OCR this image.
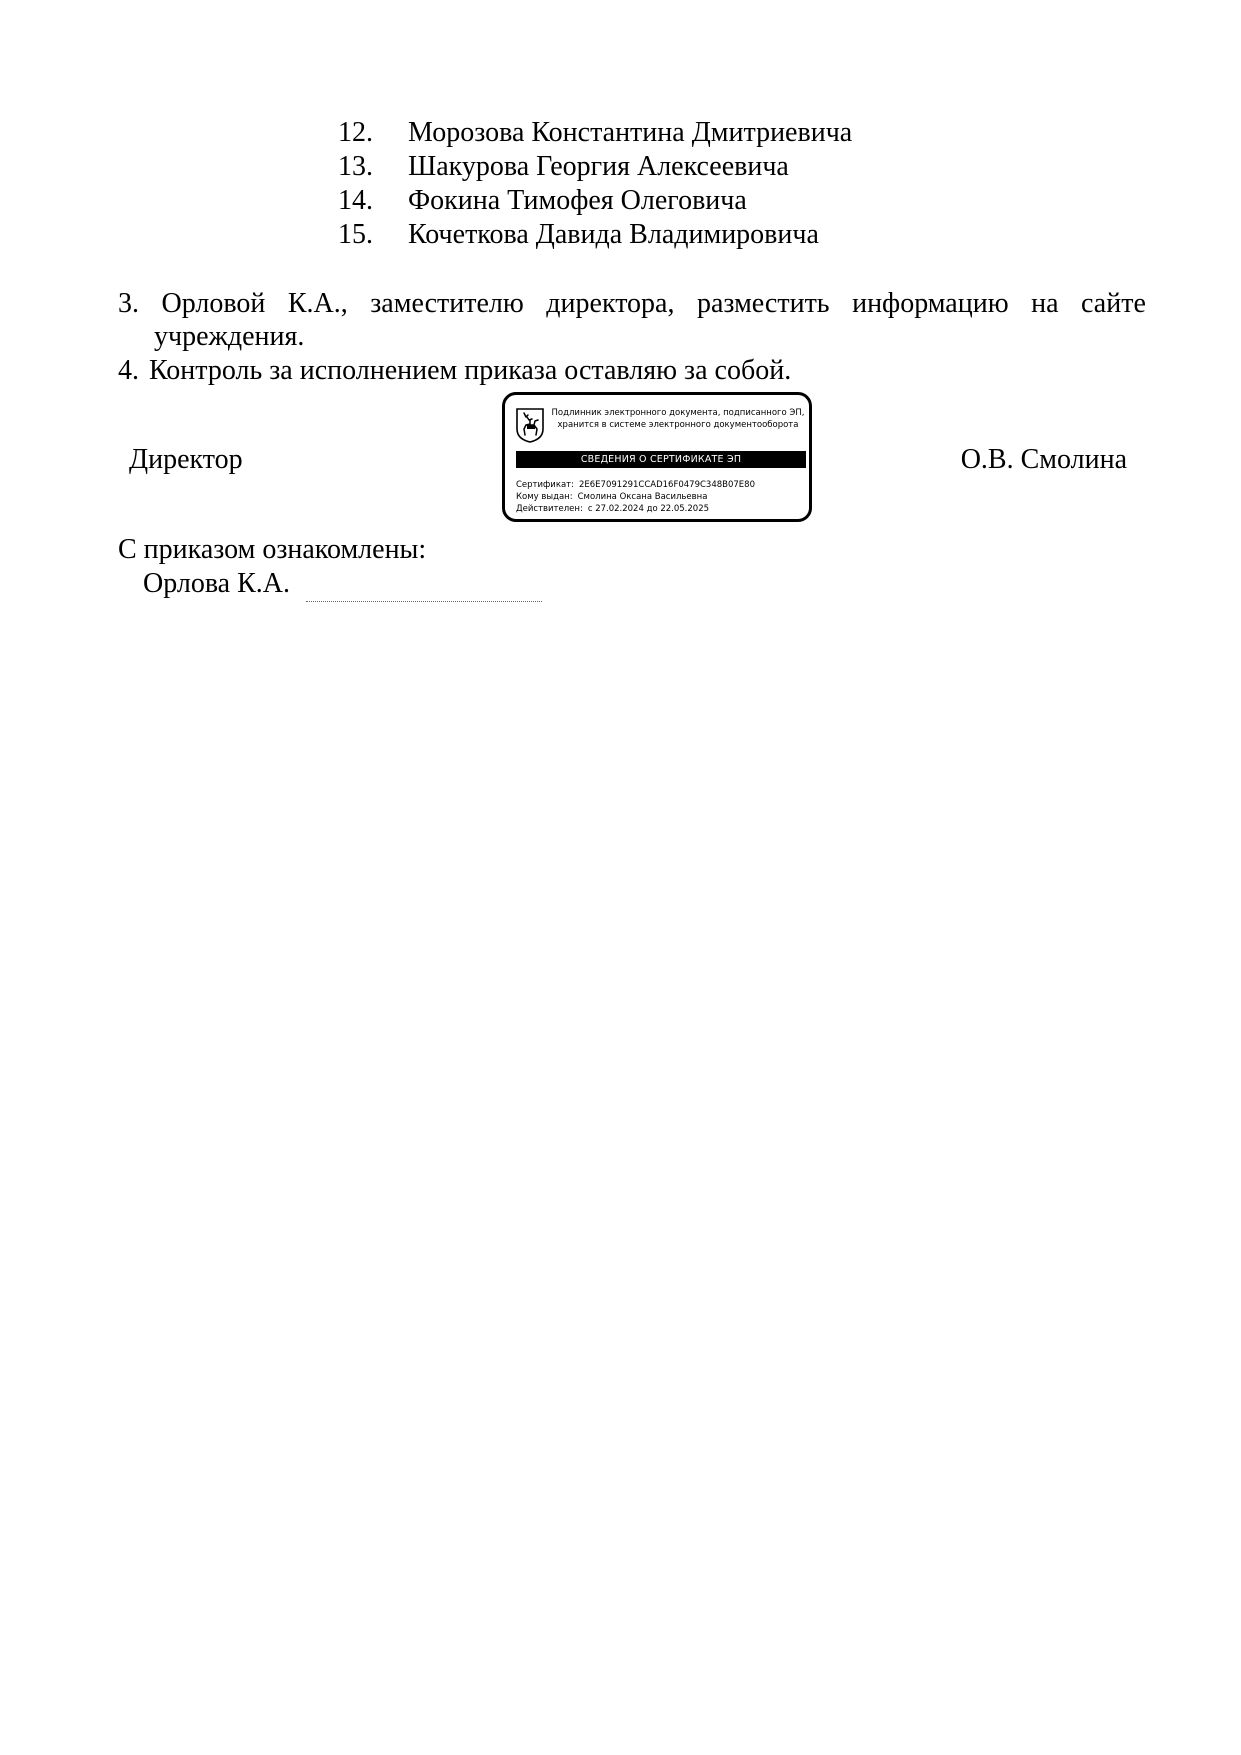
12. Морозова Константина Дмитриевича
13. Шакурова Георгия Алексеевича
14. Фокина Тимофея Олеговича
15. Кочеткова Давида Владимировича
3. Орловой К.А., заместителю директора, разместить информацию на сайте
учреждения.
4. Контроль за исполнением приказа оставляю за собой.
Директор
Подлинник электронного документа, подписанного ЭП,
хранится в системе электронного документооборота
СВЕДЕНИЯ О СЕРТИФИКАТЕ ЭП
Сертификат: 2E6E7091291CCAD16F0479C348B07E80
Кому выдан: Смолина Оксана Васильевна
Действителен: с 27.02.2024 до 22.05.2025
О.В. Смолина
С приказом ознакомлены:
Орлова К.А.
